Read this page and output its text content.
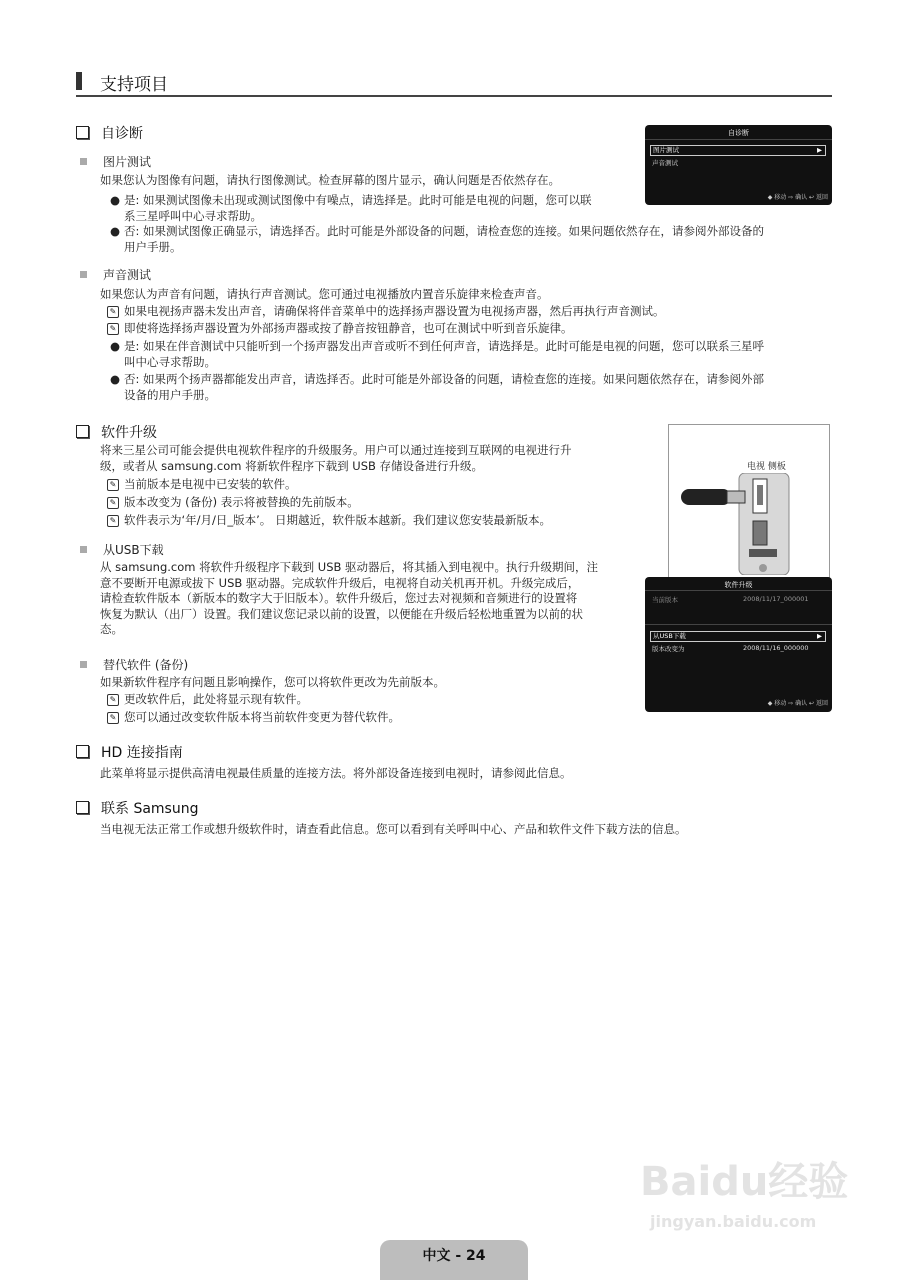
支持项目
自诊断
图片测试
如果您认为图像有问题，请执行图像测试。检查屏幕的图片显示，确认问题是否依然存在。
● 是: 如果测试图像未出现或测试图像中有噪点，请选择是。此时可能是电视的问题，您可以联
系三星呼叫中心寻求帮助。
● 否: 如果测试图像正确显示，请选择否。此时可能是外部设备的问题，请检查您的连接。如果问题依然存在，请参阅外部设备的
用户手册。
自诊断
图片测试	▶
声音测试
◆ 移动 ⇨ 确认 ↩ 返回
声音测试
如果您认为声音有问题，请执行声音测试。您可通过电视播放内置音乐旋律来检查声音。
✎ 如果电视扬声器未发出声音，请确保将伴音菜单中的选择扬声器设置为电视扬声器，然后再执行声音测试。
✎ 即使将选择扬声器设置为外部扬声器或按了静音按钮静音，也可在测试中听到音乐旋律。
● 是: 如果在伴音测试中只能听到一个扬声器发出声音或听不到任何声音，请选择是。此时可能是电视的问题，您可以联系三星呼
叫中心寻求帮助。
● 否: 如果两个扬声器都能发出声音，请选择否。此时可能是外部设备的问题，请检查您的连接。如果问题依然存在，请参阅外部
设备的用户手册。
软件升级
将来三星公司可能会提供电视软件程序的升级服务。用户可以通过连接到互联网的电视进行升
级，或者从 samsung.com 将新软件程序下载到 USB 存储设备进行升级。
✎ 当前版本是电视中已安装的软件。
✎ 版本改变为 (备份) 表示将被替换的先前版本。
✎ 软件表示为‘年/月/日_版本’。 日期越近，软件版本越新。我们建议您安装最新版本。
电视 侧板
从USB下载
从 samsung.com 将软件升级程序下载到 USB 驱动器后，将其插入到电视中。执行升级期间，注
意不要断开电源或拔下 USB 驱动器。完成软件升级后，电视将自动关机再开机。升级完成后，
请检查软件版本（新版本的数字大于旧版本）。软件升级后，您过去对视频和音频进行的设置将
恢复为默认（出厂）设置。我们建议您记录以前的设置，以便能在升级后轻松地重置为以前的状
态。
软件升级
当前版本	2008/11/17_000001
从USB下载	▶
版本改变为	2008/11/16_000000
◆ 移动 ⇨ 确认 ↩ 返回
替代软件 (备份)
如果新软件程序有问题且影响操作，您可以将软件更改为先前版本。
✎ 更改软件后，此处将显示现有软件。
✎ 您可以通过改变软件版本将当前软件变更为替代软件。
HD 连接指南
此菜单将显示提供高清电视最佳质量的连接方法。将外部设备连接到电视时，请参阅此信息。
联系 Samsung
当电视无法正常工作或想升级软件时，请查看此信息。您可以看到有关呼叫中心、产品和软件文件下载方法的信息。
Baidu经验
jingyan.baidu.com
中文 - 24
